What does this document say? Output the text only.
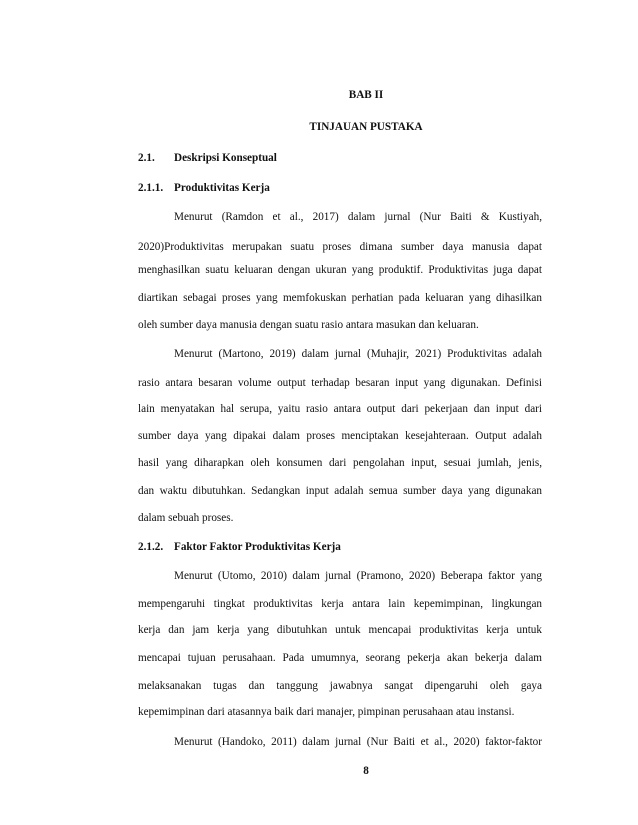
BAB II
TINJAUAN PUSTAKA
2.1. Deskripsi Konseptual
2.1.1. Produktivitas Kerja
Menurut (Ramdon et al., 2017) dalam jurnal (Nur Baiti & Kustiyah,
2020)Produktivitas merupakan suatu proses dimana sumber daya manusia dapat
menghasilkan suatu keluaran dengan ukuran yang produktif. Produktivitas juga dapat
diartikan sebagai proses yang memfokuskan perhatian pada keluaran yang dihasilkan
oleh sumber daya manusia dengan suatu rasio antara masukan dan keluaran.
Menurut (Martono, 2019) dalam jurnal (Muhajir, 2021) Produktivitas adalah
rasio antara besaran volume output terhadap besaran input yang digunakan. Definisi
lain menyatakan hal serupa, yaitu rasio antara output dari pekerjaan dan input dari
sumber daya yang dipakai dalam proses menciptakan kesejahteraan. Output adalah
hasil yang diharapkan oleh konsumen dari pengolahan input, sesuai jumlah, jenis,
dan waktu dibutuhkan. Sedangkan input adalah semua sumber daya yang digunakan
dalam sebuah proses.
2.1.2. Faktor Faktor Produktivitas Kerja
Menurut (Utomo, 2010) dalam jurnal (Pramono, 2020) Beberapa faktor yang
mempengaruhi tingkat produktivitas kerja antara lain kepemimpinan, lingkungan
kerja dan jam kerja yang dibutuhkan untuk mencapai produktivitas kerja untuk
mencapai tujuan perusahaan. Pada umumnya, seorang pekerja akan bekerja dalam
melaksanakan tugas dan tanggung jawabnya sangat dipengaruhi oleh gaya
kepemimpinan dari atasannya baik dari manajer, pimpinan perusahaan atau instansi.
Menurut (Handoko, 2011) dalam jurnal (Nur Baiti et al., 2020) faktor-faktor
8
